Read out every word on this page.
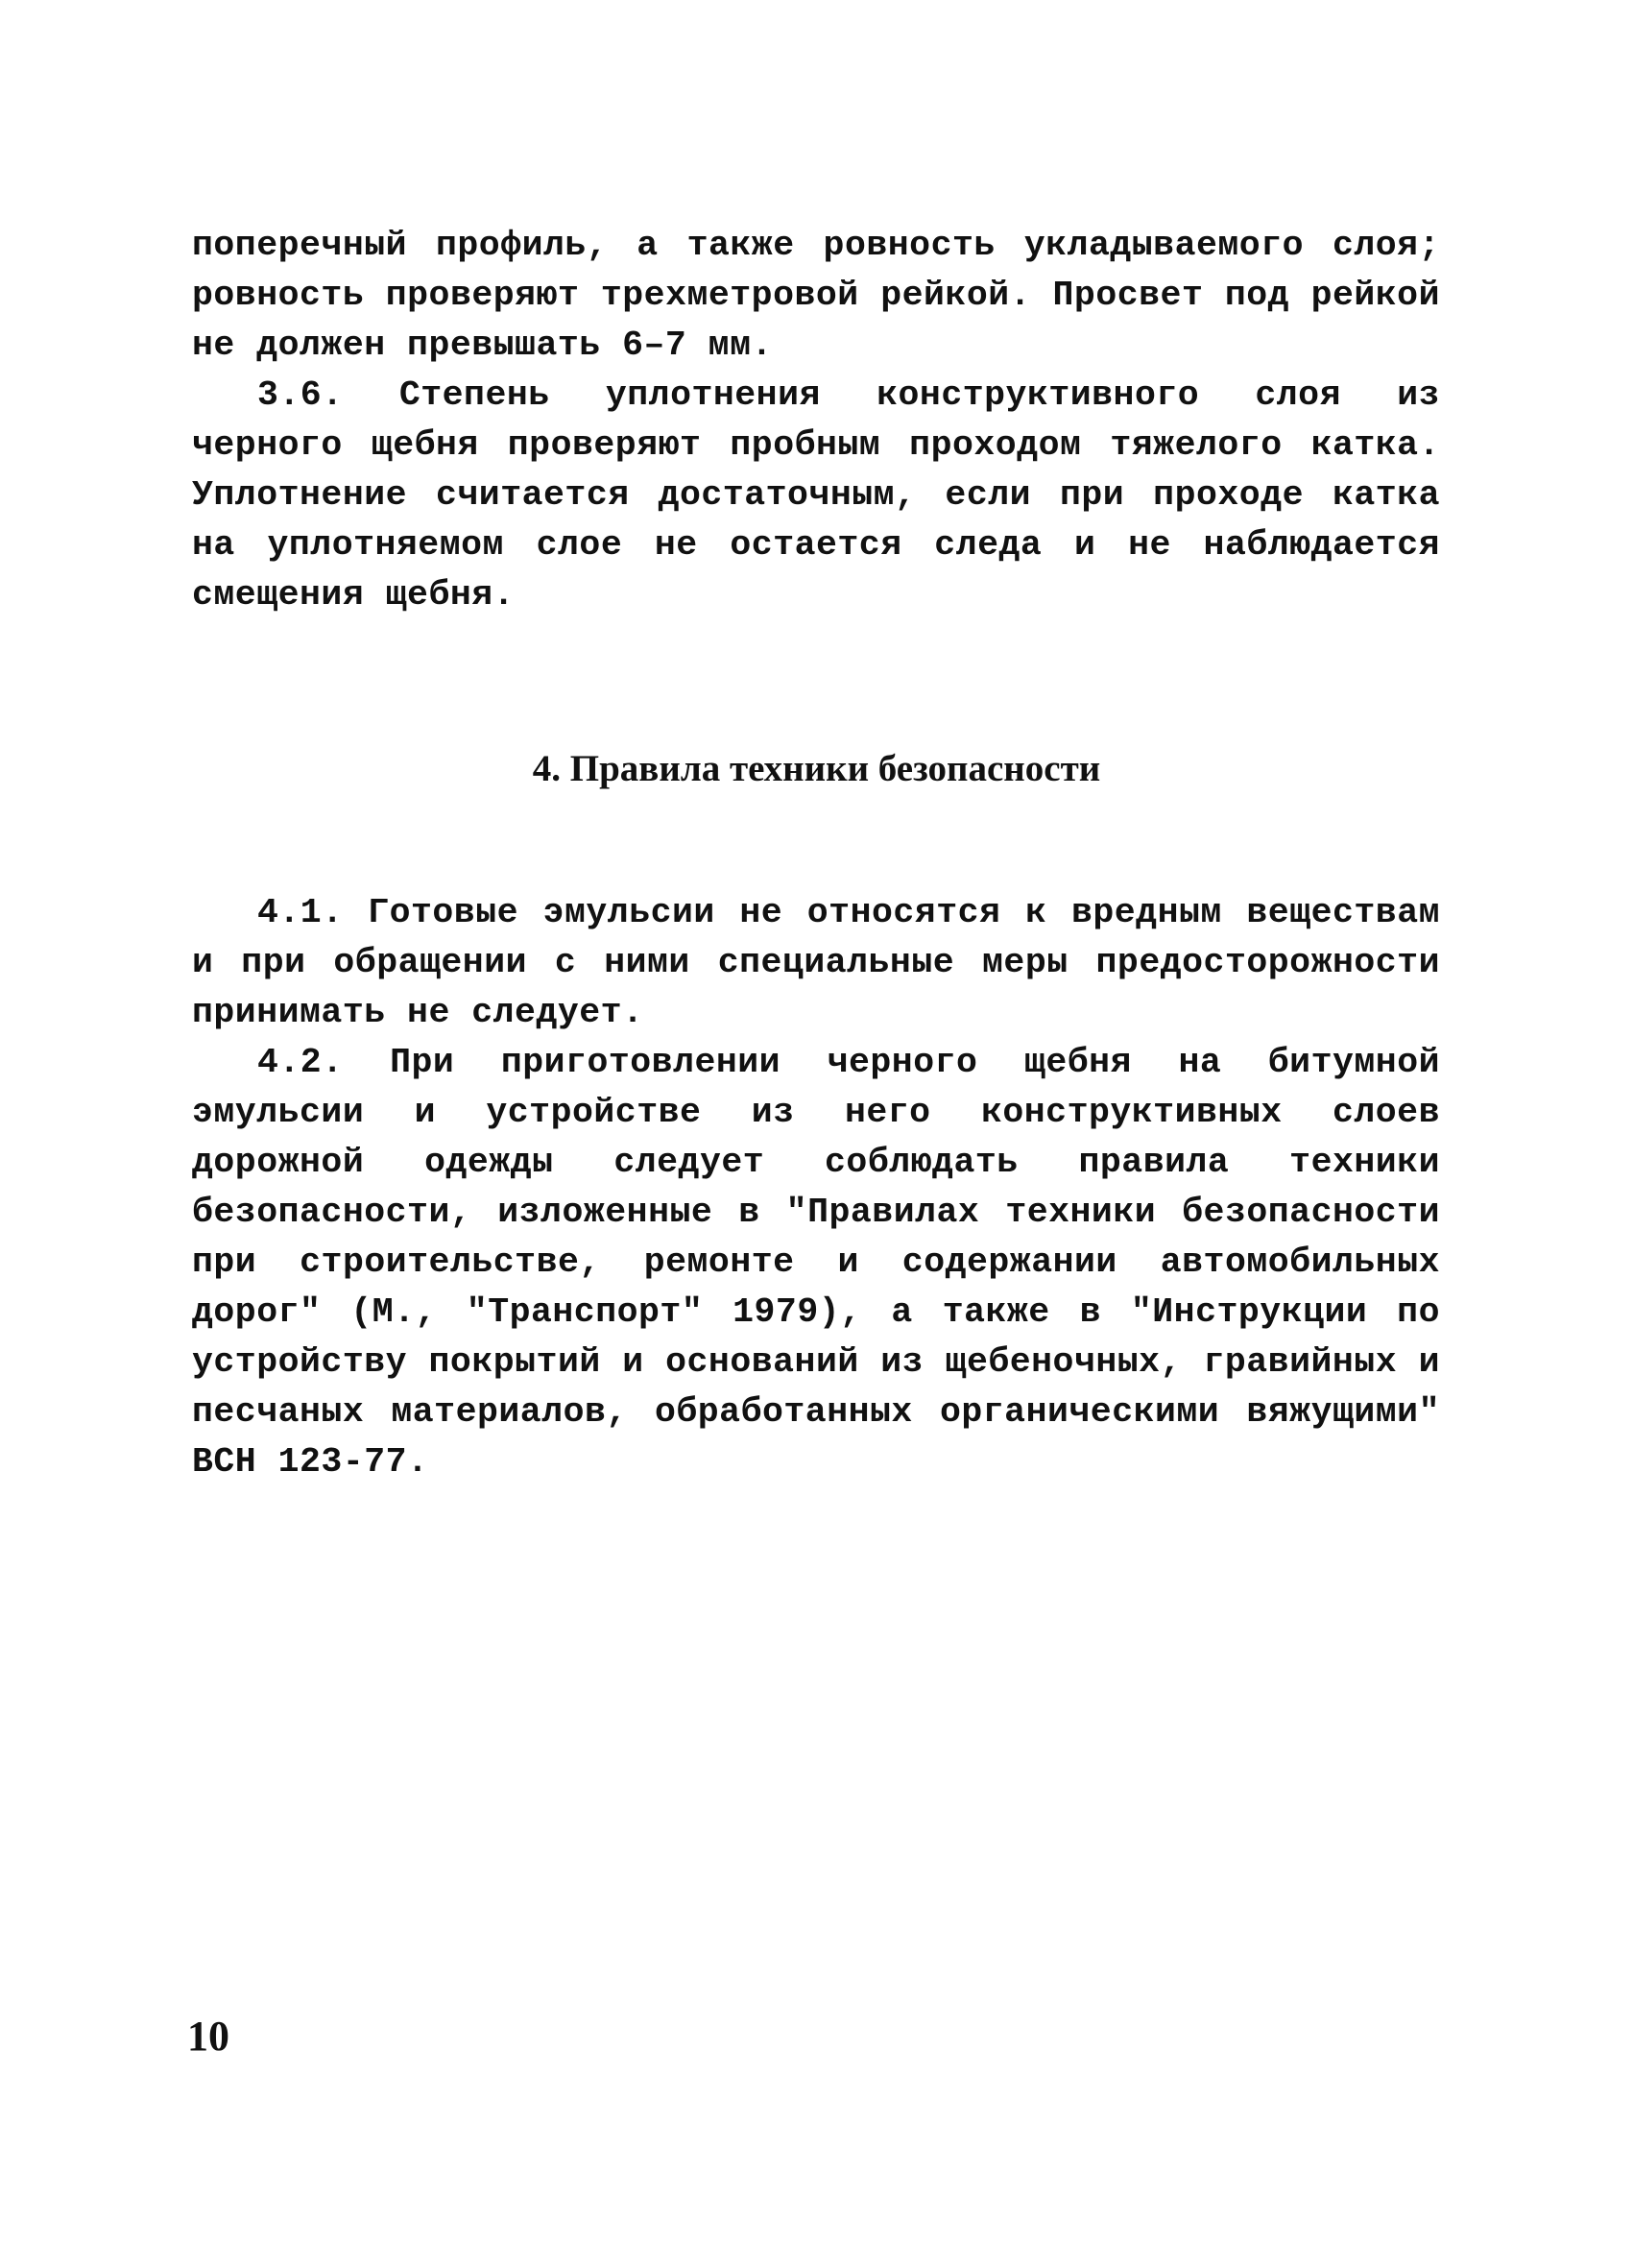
поперечный профиль, а также ровность укладываемого слоя; ровность проверяют трехметровой рейкой. Просвет под рейкой не должен превышать 6–7 мм.

3.6. Степень уплотнения конструктивного слоя из черного щебня проверяют пробным проходом тяжелого катка. Уплотнение считается достаточным, если при проходе катка на уплотняемом слое не остается следа и не наблюдается смещения щебня.

4. Правила техники безопасности

4.1. Готовые эмульсии не относятся к вредным веществам и при обращении с ними специальные меры предосторожности принимать не следует.

4.2. При приготовлении черного щебня на битумной эмульсии и устройстве из него конструктивных слоев дорожной одежды следует соблюдать правила техники безопасности, изложенные в "Правилах техники безопасности при строительстве, ремонте и содержании автомобильных дорог" (М., "Транспорт" 1979), а также в "Инструкции по устройству покрытий и оснований из щебеночных, гравийных и песчаных материалов, обработанных органическими вяжущими" ВСН 123-77.

10
